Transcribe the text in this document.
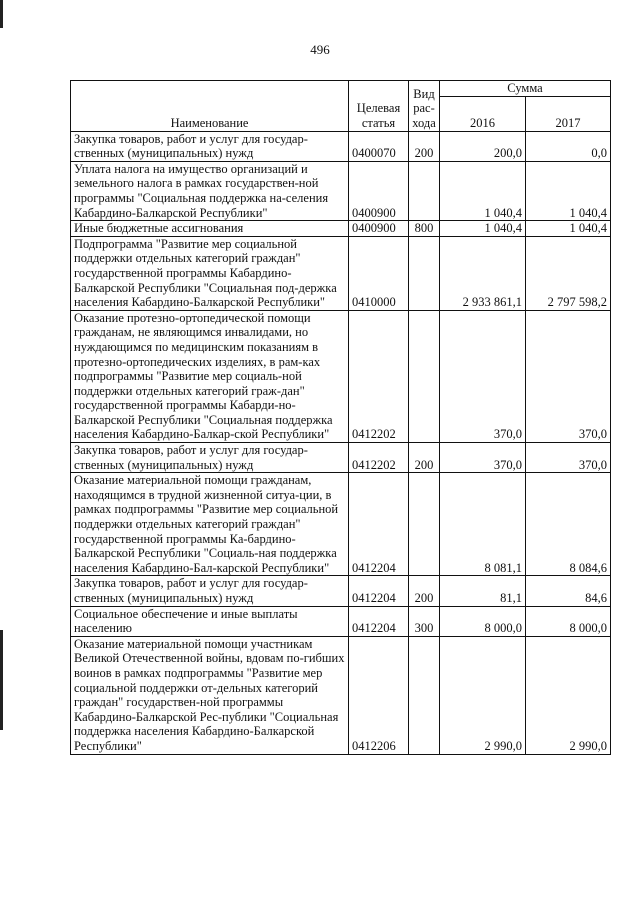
496
Наименование	Целевая статья	Вид рас-хода	Сумма	
			2016	2017
Закупка товаров, работ и услуг для государ-ственных (муниципальных) нужд	0400070	200	200,0	0,0
Уплата налога на имущество организаций и земельного налога в рамках государствен-ной программы "Социальная поддержка на-селения Кабардино-Балкарской Республики"	0400900		1 040,4	1 040,4
Иные бюджетные ассигнования	0400900	800	1 040,4	1 040,4
Подпрограмма "Развитие мер социальной поддержки отдельных категорий граждан" государственной программы Кабардино-Балкарской Республики "Социальная под-держка населения Кабардино-Балкарской Республики"	0410000		2 933 861,1	2 797 598,2
Оказание протезно-ортопедической помощи гражданам, не являющимся инвалидами, но нуждающимся по медицинским показаниям в протезно-ортопедических изделиях, в рам-ках подпрограммы "Развитие мер социаль-ной поддержки отдельных категорий граж-дан" государственной программы Кабарди-но-Балкарской Республики "Социальная поддержка населения Кабардино-Балкар-ской Республики"	0412202		370,0	370,0
Закупка товаров, работ и услуг для государ-ственных (муниципальных) нужд	0412202	200	370,0	370,0
Оказание материальной помощи гражданам, находящимся в трудной жизненной ситуа-ции, в рамках подпрограммы "Развитие мер социальной поддержки отдельных категорий граждан" государственной программы Ка-бардино-Балкарской Республики "Социаль-ная поддержка населения Кабардино-Бал-карской Республики"	0412204		8 081,1	8 084,6
Закупка товаров, работ и услуг для государ-ственных (муниципальных) нужд	0412204	200	81,1	84,6
Социальное обеспечение и иные выплаты населению	0412204	300	8 000,0	8 000,0
Оказание материальной помощи участникам Великой Отечественной войны, вдовам по-гибших воинов в рамках подпрограммы "Развитие мер социальной поддержки от-дельных категорий граждан" государствен-ной программы Кабардино-Балкарской Рес-публики "Социальная поддержка населения Кабардино-Балкарской Республики"	0412206		2 990,0	2 990,0
